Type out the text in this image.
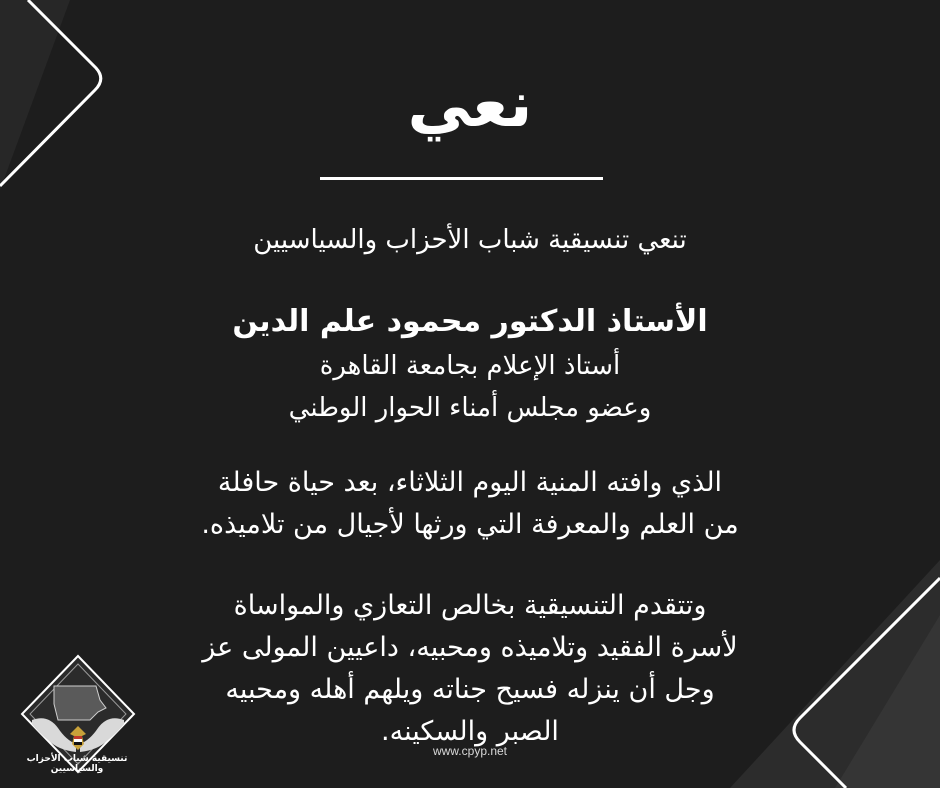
نعي
تنعي تنسيقية شباب الأحزاب والسياسيين
الأستاذ الدكتور محمود علم الدين
أستاذ الإعلام بجامعة القاهرة
وعضو مجلس أمناء الحوار الوطني
الذي وافته المنية اليوم الثلاثاء، بعد حياة حافلة
من العلم والمعرفة التي ورثها لأجيال من تلاميذه.
وتتقدم التنسيقية بخالص التعازي والمواساة
لأسرة الفقيد وتلاميذه ومحبيه، داعيين المولى عز
وجل أن ينزله فسيح جناته ويلهم أهله ومحبيه
الصبر والسكينه.
www.cpyp.net
تنسيقية شباب الأحزاب والسياسيين
